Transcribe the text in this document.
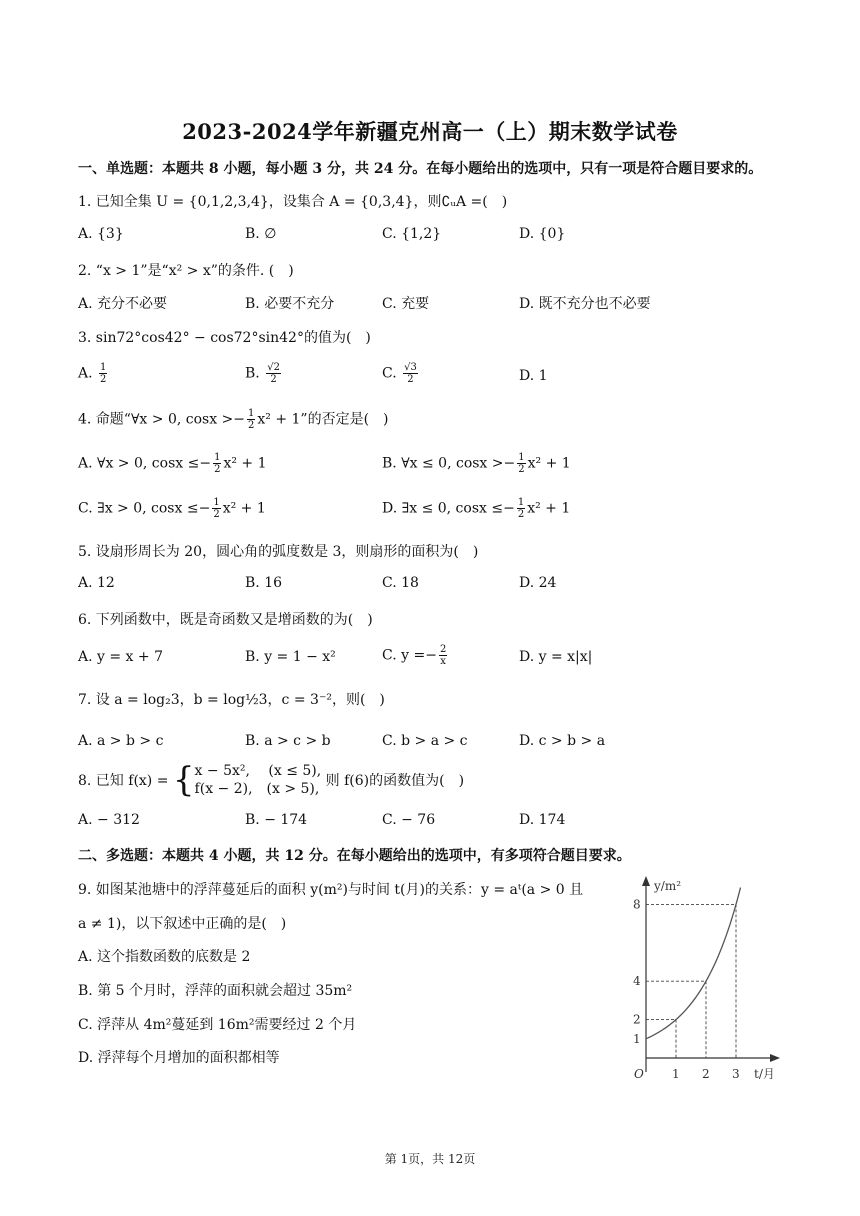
2023-2024学年新疆克州高一（上）期末数学试卷
一、单选题：本题共 8 小题，每小题 3 分，共 24 分。在每小题给出的选项中，只有一项是符合题目要求的。
1. 已知全集 U = {0,1,2,3,4}，设集合 A = {0,3,4}，则∁ᵤA =( )
A. {3}	B. ∅	C. {1,2}	D. {0}
2. “x > 1”是“x² > x”的条件. ( )
A. 充分不必要	B. 必要不充分	C. 充要	D. 既不充分也不必要
3. sin72°cos42° − cos72°sin42°的值为( )
A. $\frac{1}{2}$	B. $\frac{√2}{2}$	C. $\frac{√3}{2}$	D. 1
4. 命题“∀x > 0, $\cos x >- \frac{1}{2} x^2 + 1$”的否定是( )
A. ∀x > 0, $\cos x \le- \frac{1}{2} x^2 + 1$	B. ∀x ≤ 0, $\cos x >- \frac{1}{2} x^2 + 1$
C. ∃x > 0, $\cos x \le- \frac{1}{2} x^2 + 1$	D. ∃x ≤ 0, $\cos x \le- \frac{1}{2} x^2 + 1$
5. 设扇形周长为 20，圆心角的弧度数是 3，则扇形的面积为( )
A. 12	B. 16	C. 18	D. 24
6. 下列函数中，既是奇函数又是增函数的为( )
A. y = x + 7	B. y = 1 − x²	C. $y =- \frac{2}{x}$	D. y = x|x|
7. 设 a = log₂3，b = log½3，c = 3⁻²，则( )
A. a > b > c	B. a > c > b	C. b > a > c	D. c > b > a
8. 已知 f(x) = { x − 5x²,  (x ≤ 5),
f(x − 2), (x > 5), 则 f(6)的函数值为( )
A. − 312	B. − 174	C. − 76	D. 174
二、多选题：本题共 4 小题，共 12 分。在每小题给出的选项中，有多项符合题目要求。
9. 如图某池塘中的浮萍蔓延后的面积 y(m²)与时间 t(月)的关系：y = aᵗ(a > 0 且
a ≠ 1)，以下叙述中正确的是( )
A. 这个指数函数的底数是 2
B. 第 5 个月时，浮萍的面积就会超过 35m²
C. 浮萍从 4m²蔓延到 16m²需要经过 2 个月
D. 浮萍每个月增加的面积都相等
1 2 3
1
2
4
8
y/m²
t/月
O
第 1页，共 12页
